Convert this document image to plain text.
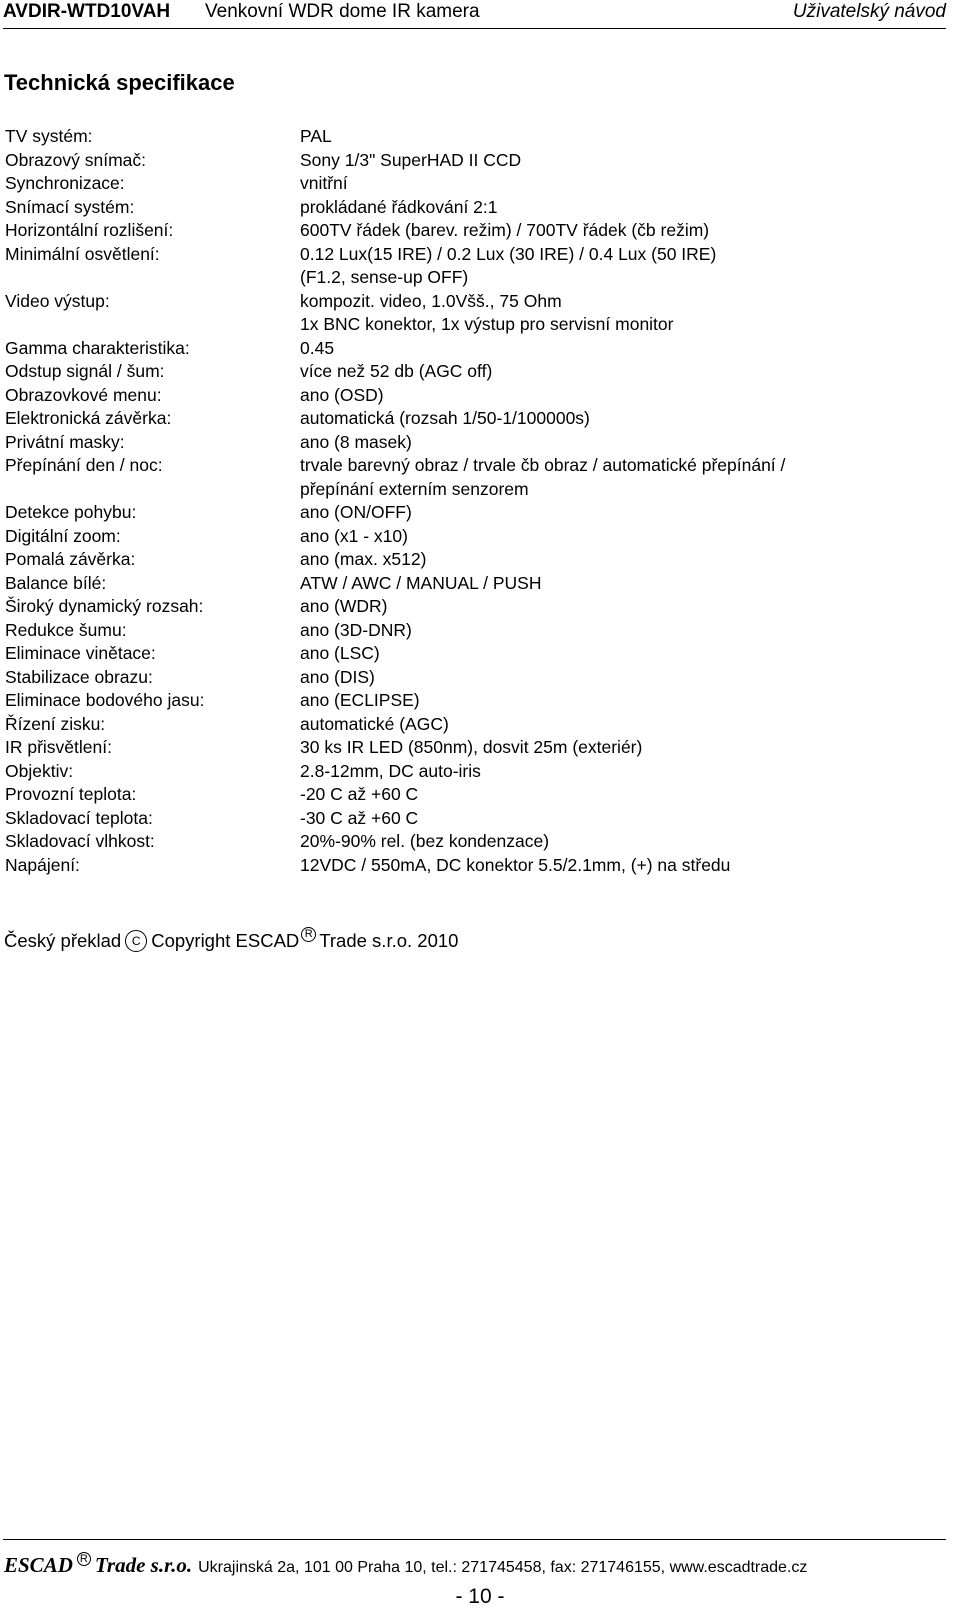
AVDIR-WTD10VAH Venkovní WDR dome IR kamera	Uživatelský návod
Technická specifikace
TV systém:	PAL
Obrazový snímač:	Sony 1/3" SuperHAD II CCD
Synchronizace:	vnitřní
Snímací systém:	prokládané řádkování 2:1
Horizontální rozlišení:	600TV řádek (barev. režim) / 700TV řádek (čb režim)
Minimální osvětlení:	0.12 Lux(15 IRE) / 0.2 Lux (30 IRE) / 0.4 Lux (50 IRE)
(F1.2, sense-up OFF)
Video výstup:	kompozit. video, 1.0Všš., 75 Ohm
1x BNC konektor, 1x výstup pro servisní monitor
Gamma charakteristika:	0.45
Odstup signál / šum:	více než 52 db (AGC off)
Obrazovkové menu:	ano (OSD)
Elektronická závěrka:	automatická (rozsah 1/50-1/100000s)
Privátní masky:	ano (8 masek)
Přepínání den / noc:	trvale barevný obraz / trvale čb obraz / automatické přepínání /
přepínání externím senzorem
Detekce pohybu:	ano (ON/OFF)
Digitální zoom:	ano (x1 - x10)
Pomalá závěrka:	ano (max. x512)
Balance bílé:	ATW / AWC / MANUAL / PUSH
Široký dynamický rozsah:	ano (WDR)
Redukce šumu:	ano (3D-DNR)
Eliminace vinětace:	ano (LSC)
Stabilizace obrazu:	ano (DIS)
Eliminace bodového jasu:	ano (ECLIPSE)
Řízení zisku:	automatické (AGC)
IR přisvětlení:	30 ks IR LED (850nm), dosvit 25m (exteriér)
Objektiv:	2.8-12mm, DC auto-iris
Provozní teplota:	-20 C až +60 C
Skladovací teplota:	-30 C až +60 C
Skladovací vlhkost:	20%-90% rel. (bez kondenzace)
Napájení:	12VDC / 550mA, DC konektor 5.5/2.1mm, (+) na středu
Český překlad C Copyright ESCAD $^R$ Trade s.r.o. 2010
ESCAD $^R$ Trade s.r.o. Ukrajinská 2a, 101 00 Praha 10, tel.: 271745458, fax: 271746155, www.escadtrade.cz
- 10 -
